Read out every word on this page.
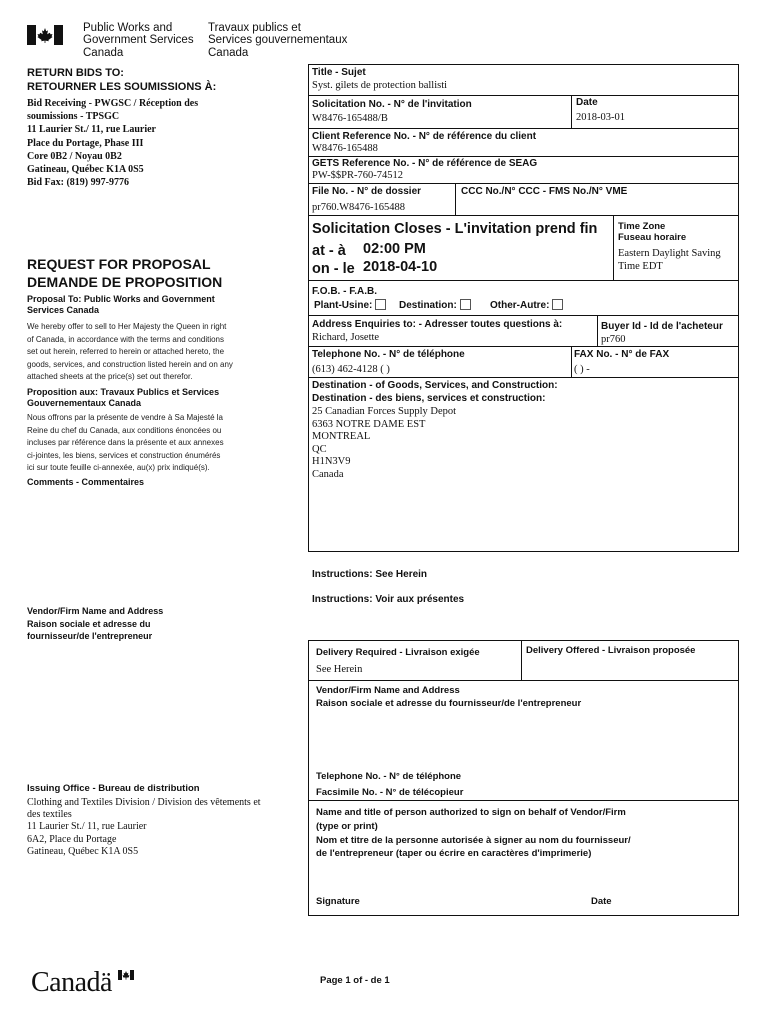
Public Works and
Government Services
Canada
Travaux publics et
Services gouvernementaux
Canada
RETURN BIDS TO:
RETOURNER LES SOUMISSIONS À:
Bid Receiving - PWGSC / Réception des
soumissions - TPSGC
11 Laurier St./ 11, rue Laurier
Place du Portage, Phase III
Core 0B2 / Noyau 0B2
Gatineau, Québec K1A 0S5
Bid Fax: (819) 997-9776
REQUEST FOR PROPOSAL
DEMANDE DE PROPOSITION
Proposal To: Public Works and Government
Services Canada
We hereby offer to sell to Her Majesty the Queen in right
of Canada, in accordance with the terms and conditions
set out herein, referred to herein or attached hereto, the
goods, services, and construction listed herein and on any
attached sheets at the price(s) set out therefor.
Proposition aux: Travaux Publics et Services
Gouvernementaux Canada
Nous offrons par la présente de vendre à Sa Majesté la
Reine du chef du Canada, aux conditions énoncées ou
incluses par référence dans la présente et aux annexes
ci-jointes, les biens, services et construction énumérés
ici sur toute feuille ci-annexée, au(x) prix indiqué(s).
Comments - Commentaires
Vendor/Firm Name and Address
Raison sociale et adresse du
fournisseur/de l'entrepreneur
Issuing Office - Bureau de distribution
Clothing and Textiles Division / Division des vêtements et
des textiles
11 Laurier St./ 11, rue Laurier
6A2, Place du Portage
Gatineau, Québec K1A 0S5
Title - Sujet
Syst. gilets de protection ballisti
Solicitation No. - N° de l'invitation
W8476-165488/B
Date
2018-03-01
Client Reference No. - N° de référence du client
W8476-165488
GETS Reference No. - N° de référence de SEAG
PW-$$PR-760-74512
File No. - N° de dossier
pr760.W8476-165488
CCC No./N° CCC - FMS No./N° VME
Solicitation Closes - L'invitation prend fin
at - à 02:00 PM
on - le 2018-04-10
Time Zone
Fuseau horaire
Eastern Daylight Saving
Time EDT
F.O.B. - F.A.B.
Plant-Usine:	Destination:	Other-Autre:
Address Enquiries to: - Adresser toutes questions à:
Richard, Josette
Buyer Id - Id de l'acheteur
pr760
Telephone No. - N° de téléphone
(613) 462-4128 ( )
FAX No. - N° de FAX
( ) -
Destination - of Goods, Services, and Construction:
Destination - des biens, services et construction:
25 Canadian Forces Supply Depot
6363 NOTRE DAME EST
MONTREAL
QC
H1N3V9
Canada
Instructions: See Herein
Instructions: Voir aux présentes
Delivery Required - Livraison exigée
See Herein
Delivery Offered - Livraison proposée
Vendor/Firm Name and Address
Raison sociale et adresse du fournisseur/de l'entrepreneur
Telephone No. - N° de téléphone
Facsimile No. - N° de télécopieur
Name and title of person authorized to sign on behalf of Vendor/Firm
(type or print)
Nom et titre de la personne autorisée à signer au nom du fournisseur/
de l'entrepreneur (taper ou écrire en caractères d'imprimerie)
Signature	Date
Canadä	Page 1 of - de 1
